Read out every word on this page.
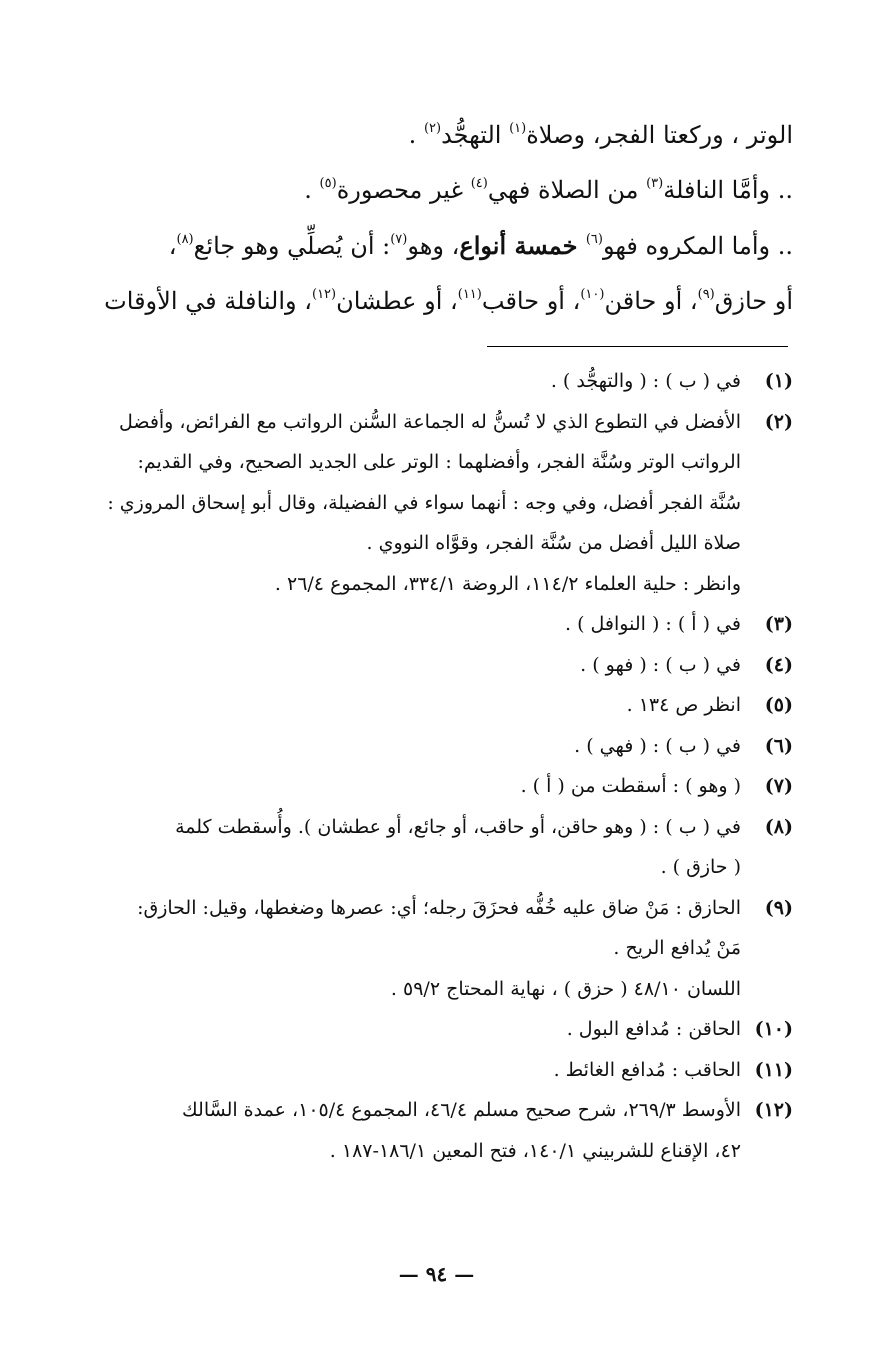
الوتر ، وركعتا الفجر، وصلاة$^{(١)}$ التهجُّد$^{(٢)}$ .

.. وأمَّا النافلة$^{(٣)}$ من الصلاة فهي$^{(٤)}$ غير محصورة$^{(٥)}$ .

.. وأما المكروه فهو$^{(٦)}$ خمسة أنواع، وهو$^{(٧)}$: أن يُصلِّي وهو جائع$^{(٨)}$،

أو حازق$^{(٩)}$، أو حاقن$^{(١٠)}$، أو حاقب$^{(١١)}$، أو عطشان$^{(١٢)}$، والنافلة في الأوقات

(١)
في ( ب ) : ( والتهجُّد ) .
(٢)
الأفضل في التطوع الذي لا تُسنُّ له الجماعة السُّنن الرواتب مع الفرائض، وأفضل
الرواتب الوتر وسُنَّة الفجر، وأفضلهما : الوتر على الجديد الصحيح، وفي القديم:
سُنَّة الفجر أفضل، وفي وجه : أنهما سواء في الفضيلة، وقال أبو إسحاق المروزي :
صلاة الليل أفضل من سُنَّة الفجر، وقوَّاه النووي .
وانظر : حلية العلماء ١١٤/٢، الروضة ٣٣٤/١، المجموع ٢٦/٤ .
(٣)
في ( أ ) : ( النوافل ) .
(٤)
في ( ب ) : ( فهو ) .
(٥)
انظر ص ١٣٤ .
(٦)
في ( ب ) : ( فهي ) .
(٧)
( وهو ) : أسقطت من ( أ ) .
(٨)
في ( ب ) : ( وهو حاقن، أو حاقب، أو جائع، أو عطشان ). وأُسقطت كلمة
( حازق ) .
(٩)
الحازق : مَنْ ضاق عليه خُفُّه فحزَقَ رجله؛ أي: عصرها وضغطها، وقيل: الحازق:
مَنْ يُدافع الريح .
اللسان ٤٨/١٠ ( حزق ) ، نهاية المحتاج ٥٩/٢ .
(١٠)
الحاقن : مُدافع البول .
(١١)
الحاقب : مُدافع الغائط .
(١٢)
الأوسط ٢٦٩/٣، شرح صحيح مسلم ٤٦/٤، المجموع ١٠٥/٤، عمدة السَّالك
٤٢، الإقناع للشربيني ١٤٠/١، فتح المعين ١٨٦/١-١٨٧ .
— ٩٤ —
